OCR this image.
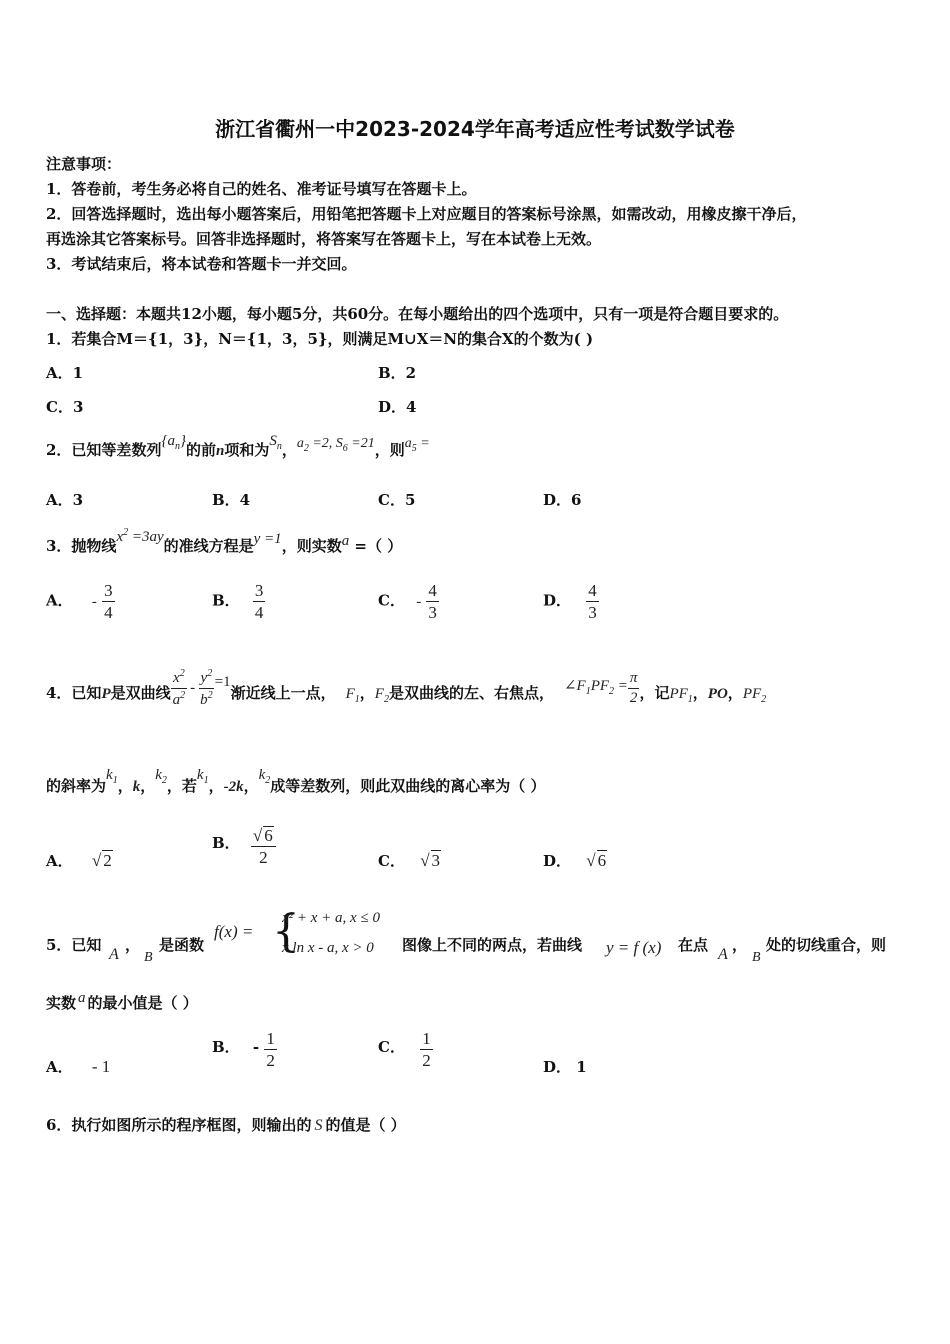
浙江省衢州一中2023-2024学年高考适应性考试数学试卷
注意事项：
1．答卷前，考生务必将自己的姓名、准考证号填写在答题卡上。
2．回答选择题时，选出每小题答案后，用铅笔把答题卡上对应题目的答案标号涂黑，如需改动，用橡皮擦干净后，
再选涂其它答案标号。回答非选择题时，将答案写在答题卡上，写在本试卷上无效。
3．考试结束后，将本试卷和答题卡一并交回。
一、选择题：本题共12小题，每小题5分，共60分。在每小题给出的四个选项中，只有一项是符合题目要求的。
1．若集合M＝{1，3}，N＝{1，3，5}，则满足M∪X＝N的集合X的个数为( )
A．1	B．2
C．3	D．4
2．已知等差数列$\{a_n\}$的前n项和为$S_n$，$a_2 =2$, $S_6 =21$，则$a_5$ =
A．3	B．4	C．5	D．6
3．抛物线$x^2 =3ay$的准线方程是y =1，则实数a =（ ）
A． - $\frac{3}{4}$	B． $\frac{3}{4}$	C． - $\frac{4}{3}$	D． $\frac{4}{3}$
4．已知P是双曲线 $\frac{x^2}{a^2} - \frac{y^2}{b^2} =1$渐近线上一点， $F_1$，$F_2$是双曲线的左、右焦点， $\angle F_1PF_2 = \frac{\pi}{2}$ ，记$PF_1$，PO，$PF_2$
的斜率为$k_1$，k，$k_2$，若$k_1$，-2k，$k_2$成等差数列，则此双曲线的离心率为（ ）
A． √ 2
B． $\frac{√ 6}{2}$	C． √ 3	D． √ 6
5．已知
A
，
B
是函数
f(x) = {
x² + x + a, x ≤ 0
x ln x - a, x > 0 图像上不同的两点，若曲线 y = f (x) 在点
A
，
B
处的切线重合，则
实数 a 的最小值是（ ）
A． - 1
B． - $\frac{1}{2}$	C． $\frac{1}{2}$	D． 1
6．执行如图所示的程序框图，则输出的 S 的值是（ ）
